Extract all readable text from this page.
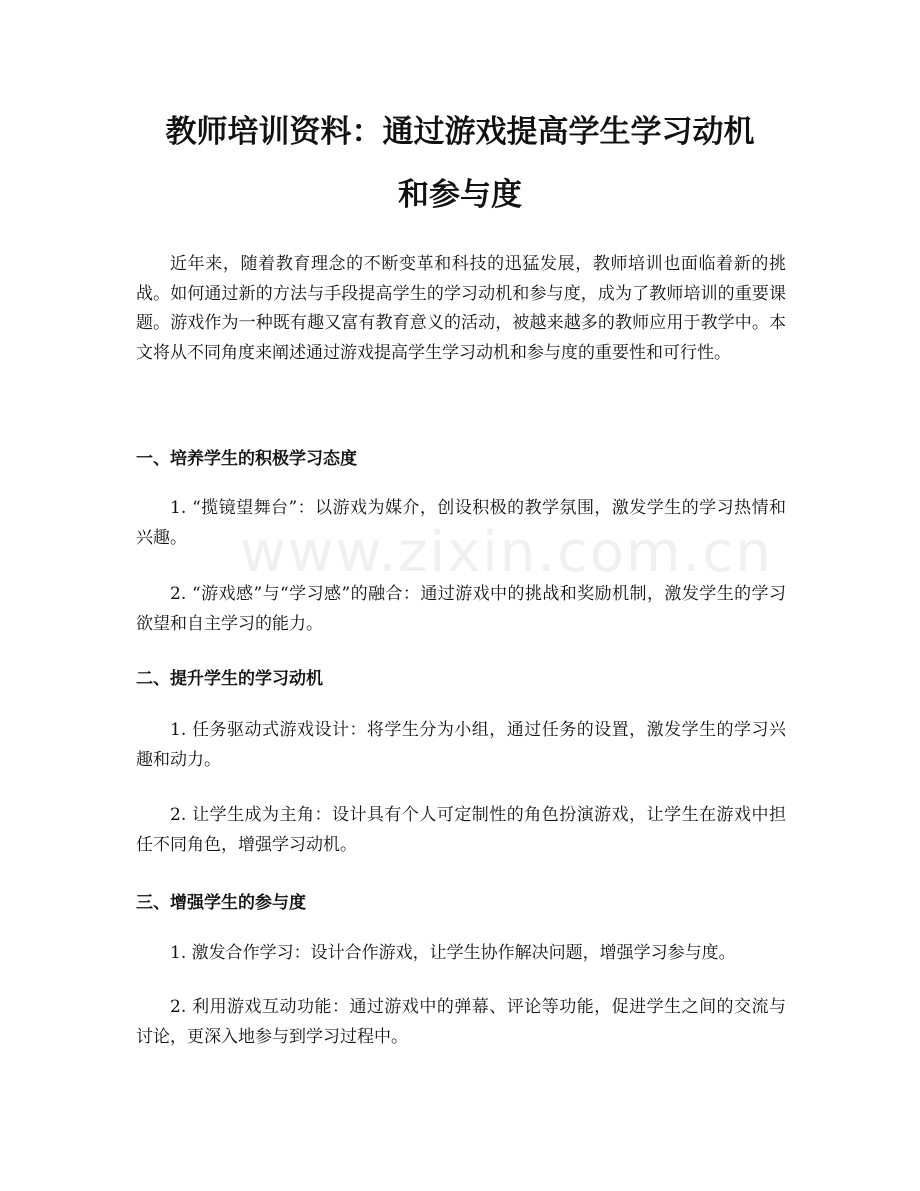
www.zixin.com.cn
教师培训资料：通过游戏提高学生学习动机
和参与度

近年来，随着教育理念的不断变革和科技的迅猛发展，教师培训也面临着新的挑战。如何通过新的方法与手段提高学生的学习动机和参与度，成为了教师培训的重要课题。游戏作为一种既有趣又富有教育意义的活动，被越来越多的教师应用于教学中。本文将从不同角度来阐述通过游戏提高学生学习动机和参与度的重要性和可行性。

一、培养学生的积极学习态度

1. “揽镜望舞台”：以游戏为媒介，创设积极的教学氛围，激发学生的学习热情和兴趣。

2. “游戏感”与“学习感”的融合：通过游戏中的挑战和奖励机制，激发学生的学习欲望和自主学习的能力。

二、提升学生的学习动机

1. 任务驱动式游戏设计：将学生分为小组，通过任务的设置，激发学生的学习兴趣和动力。

2. 让学生成为主角：设计具有个人可定制性的角色扮演游戏，让学生在游戏中担任不同角色，增强学习动机。

三、增强学生的参与度

1. 激发合作学习：设计合作游戏，让学生协作解决问题，增强学习参与度。

2. 利用游戏互动功能：通过游戏中的弹幕、评论等功能，促进学生之间的交流与讨论，更深入地参与到学习过程中。
